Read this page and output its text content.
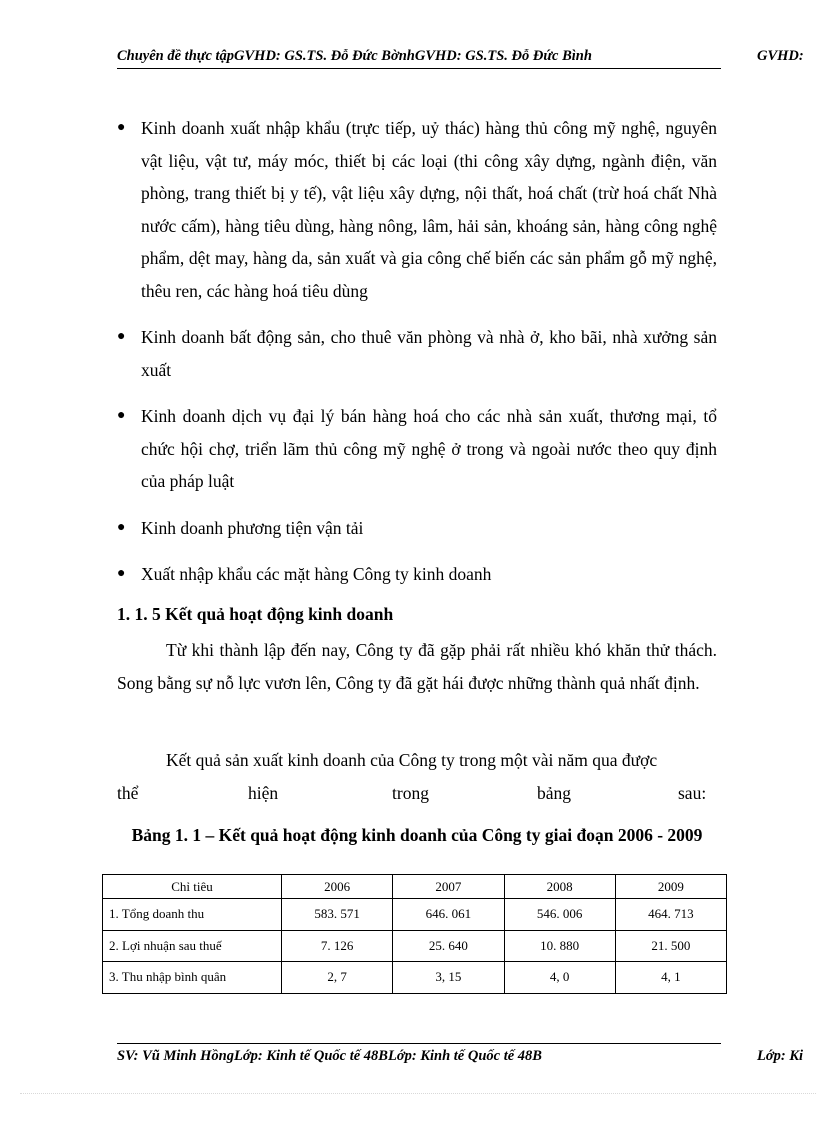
Chuyên đề thực tậpGVHD: GS.TS. Đỗ Đức BờnhGVHD: GS.TS. Đỗ Đức Bình	GVHD:
● Kinh doanh xuất nhập khẩu (trực tiếp, uỷ thác) hàng thủ công mỹ nghệ, nguyên vật liệu, vật tư, máy móc, thiết bị các loại (thi công xây dựng, ngành điện, văn phòng, trang thiết bị y tế), vật liệu xây dựng, nội thất, hoá chất (trừ hoá chất Nhà nước cấm), hàng tiêu dùng, hàng nông, lâm, hải sản, khoáng sản, hàng công nghệ phẩm, dệt may, hàng da, sản xuất và gia công chế biến các sản phẩm gỗ mỹ nghệ, thêu ren, các hàng hoá tiêu dùng
● Kinh doanh bất động sản, cho thuê văn phòng và nhà ở, kho bãi, nhà xưởng sản xuất
● Kinh doanh dịch vụ đại lý bán hàng hoá cho các nhà sản xuất, thương mại, tổ chức hội chợ, triển lãm thủ công mỹ nghệ ở trong và ngoài nước theo quy định của pháp luật
● Kinh doanh phương tiện vận tải
● Xuất nhập khẩu các mặt hàng Công ty kinh doanh
1. 1. 5 Kết quả hoạt động kinh doanh
Từ khi thành lập đến nay, Công ty đã gặp phải rất nhiều khó khăn thử thách. Song bằng sự nỗ lực vươn lên, Công ty đã gặt hái được những thành quả nhất định.
Kết quả sản xuất kinh doanh của Công ty trong một vài năm qua được
thể	hiện	trong	bảng	sau:
Bảng 1. 1 – Kết quả hoạt động kinh doanh của Công ty giai đoạn 2006 - 2009
Chỉ tiêu	2006	2007	2008	2009
1. Tổng doanh thu	583. 571	646. 061	546. 006	464. 713
2. Lợi nhuận sau thuế	7. 126	25. 640	10. 880	21. 500
3. Thu nhập bình quân	2, 7	3, 15	4, 0	4, 1
SV: Vũ Minh HồngLớp: Kinh tế Quốc tế 48BLớp: Kinh tế Quốc tế 48B	Lớp: Ki
